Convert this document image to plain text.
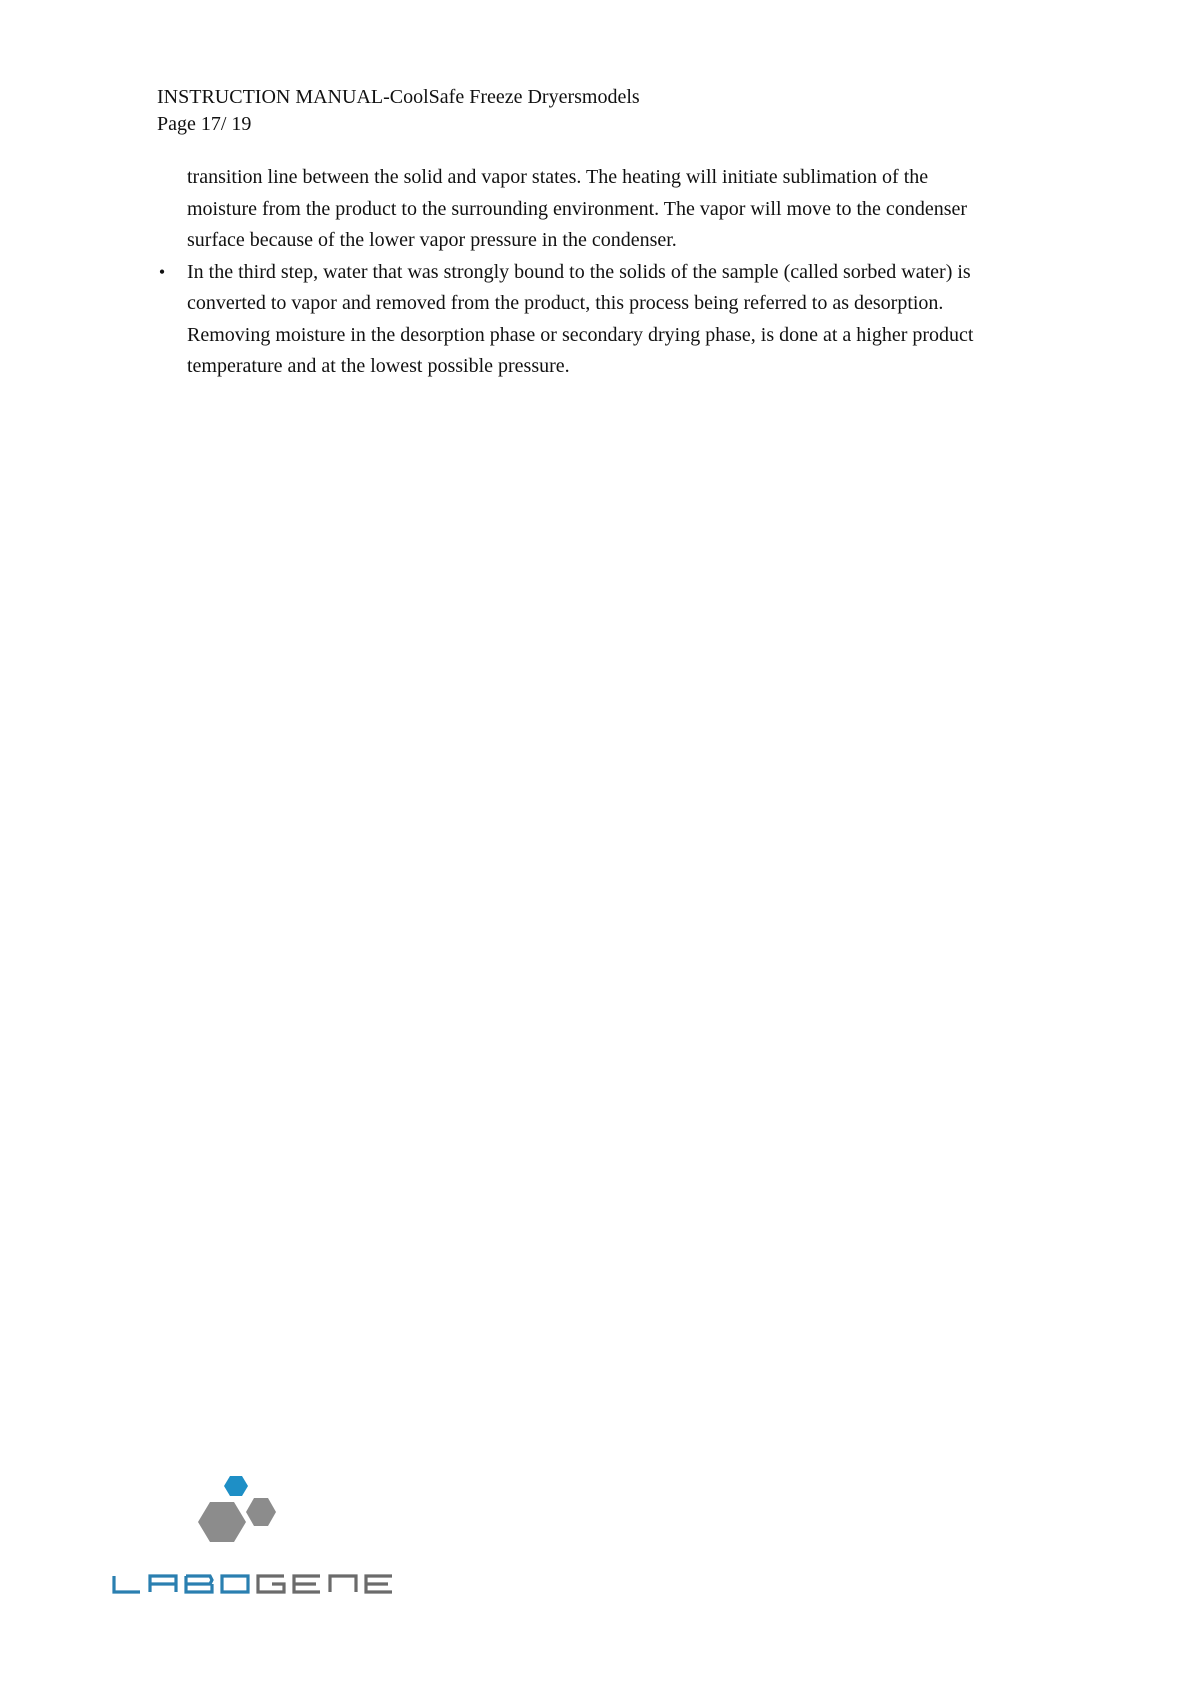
INSTRUCTION MANUAL-CoolSafe Freeze Dryersmodels
Page 17/ 19
transition line between the solid and vapor states. The heating will initiate sublimation of the
moisture from the product to the surrounding environment. The vapor will move to the condenser
surface because of the lower vapor pressure in the condenser.
• In the third step, water that was strongly bound to the solids of the sample (called sorbed water) is
converted to vapor and removed from the product, this process being referred to as desorption.
Removing moisture in the desorption phase or secondary drying phase, is done at a higher product
temperature and at the lowest possible pressure.
